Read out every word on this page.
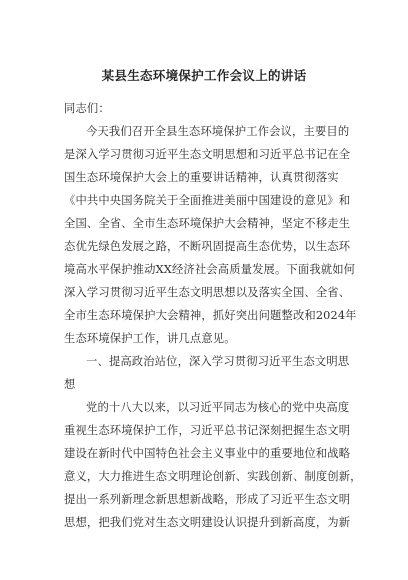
某县生态环境保护工作会议上的讲话
同志们：
今天我们召开全县生态环境保护工作会议，主要目的
是深入学习贯彻习近平生态文明思想和习近平总书记在全
国生态环境保护大会上的重要讲话精神，认真贯彻落实
《中共中央国务院关于全面推进美丽中国建设的意见》和
全国、全省、全市生态环境保护大会精神，坚定不移走生
态优先绿色发展之路，不断巩固提高生态优势，以生态环
境高水平保护推动XX经济社会高质量发展。下面我就如何
深入学习贯彻习近平生态文明思想以及落实全国、全省、
全市生态环境保护大会精神，抓好突出问题整改和2024年
生态环境保护工作，讲几点意见。
一、提高政治站位，深入学习贯彻习近平生态文明思
想
党的十八大以来，以习近平同志为核心的党中央高度
重视生态环境保护工作，习近平总书记深刻把握生态文明
建设在新时代中国特色社会主义事业中的重要地位和战略
意义，大力推进生态文明理论创新、实践创新、制度创新，
提出一系列新理念新思想新战略，形成了习近平生态文明
思想，把我们党对生态文明建设认识提升到新高度，为新
